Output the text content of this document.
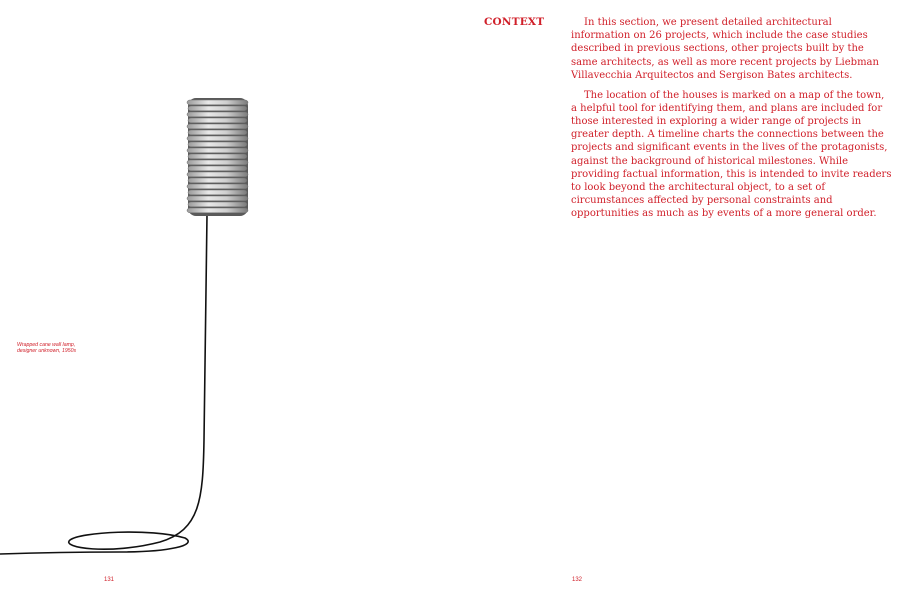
Wrapped cane wall lamp,
designer unknown, 1950s
131
CONTEXT	In this section, we present detailed architectural information on 26 projects, which include the case studies described in previous sections, other projects built by the same architects, as well as more recent projects by Liebman Villavecchia Arquitectos and Sergison Bates architects.

The location of the houses is marked on a map of the town, a helpful tool for identifying them, and plans are included for those interested in exploring a wider range of projects in greater depth. A timeline charts the connections between the projects and significant events in the lives of the protagonists, against the background of historical milestones. While providing factual information, this is intended to invite readers to look beyond the architectural object, to a set of circumstances affected by personal constraints and opportunities as much as by events of a more general order.

132
